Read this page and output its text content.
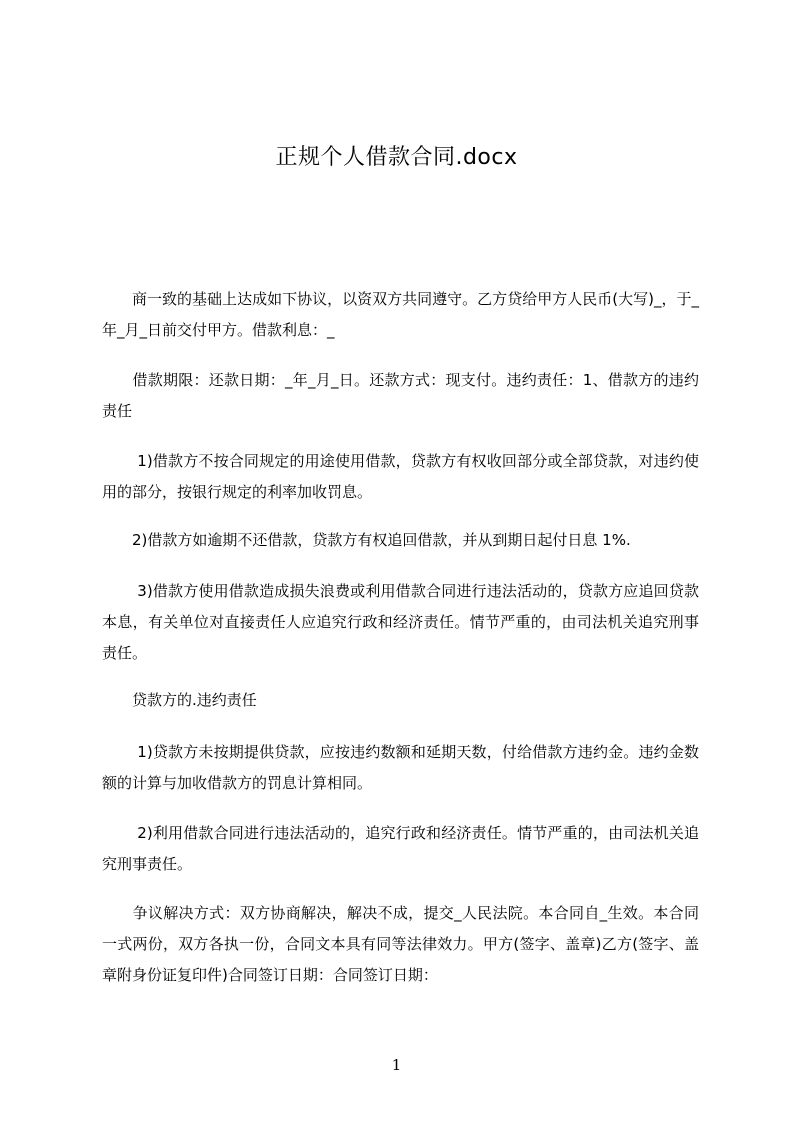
正规个人借款合同.docx

　　商一致的基础上达成如下协议，以资双方共同遵守。乙方贷给甲方人民币(大写)_，于_年_月_日前交付甲方。借款利息：_

　　借款期限：还款日期：_年_月_日。还款方式：现支付。违约责任：1、借款方的违约责任

　　 1)借款方不按合同规定的用途使用借款，贷款方有权收回部分或全部贷款，对违约使用的部分，按银行规定的利率加收罚息。

　　2)借款方如逾期不还借款，贷款方有权追回借款，并从到期日起付日息 1%.

　　 3)借款方使用借款造成损失浪费或利用借款合同进行违法活动的，贷款方应追回贷款本息，有关单位对直接责任人应追究行政和经济责任。情节严重的，由司法机关追究刑事责任。

　　贷款方的.违约责任

　　 1)贷款方未按期提供贷款，应按违约数额和延期天数，付给借款方违约金。违约金数额的计算与加收借款方的罚息计算相同。

　　 2)利用借款合同进行违法活动的，追究行政和经济责任。情节严重的，由司法机关追究刑事责任。

　　争议解决方式：双方协商解决，解决不成，提交_人民法院。本合同自_生效。本合同一式两份，双方各执一份，合同文本具有同等法律效力。甲方(签字、盖章)乙方(签字、盖章附身份证复印件)合同签订日期：合同签订日期：

1
